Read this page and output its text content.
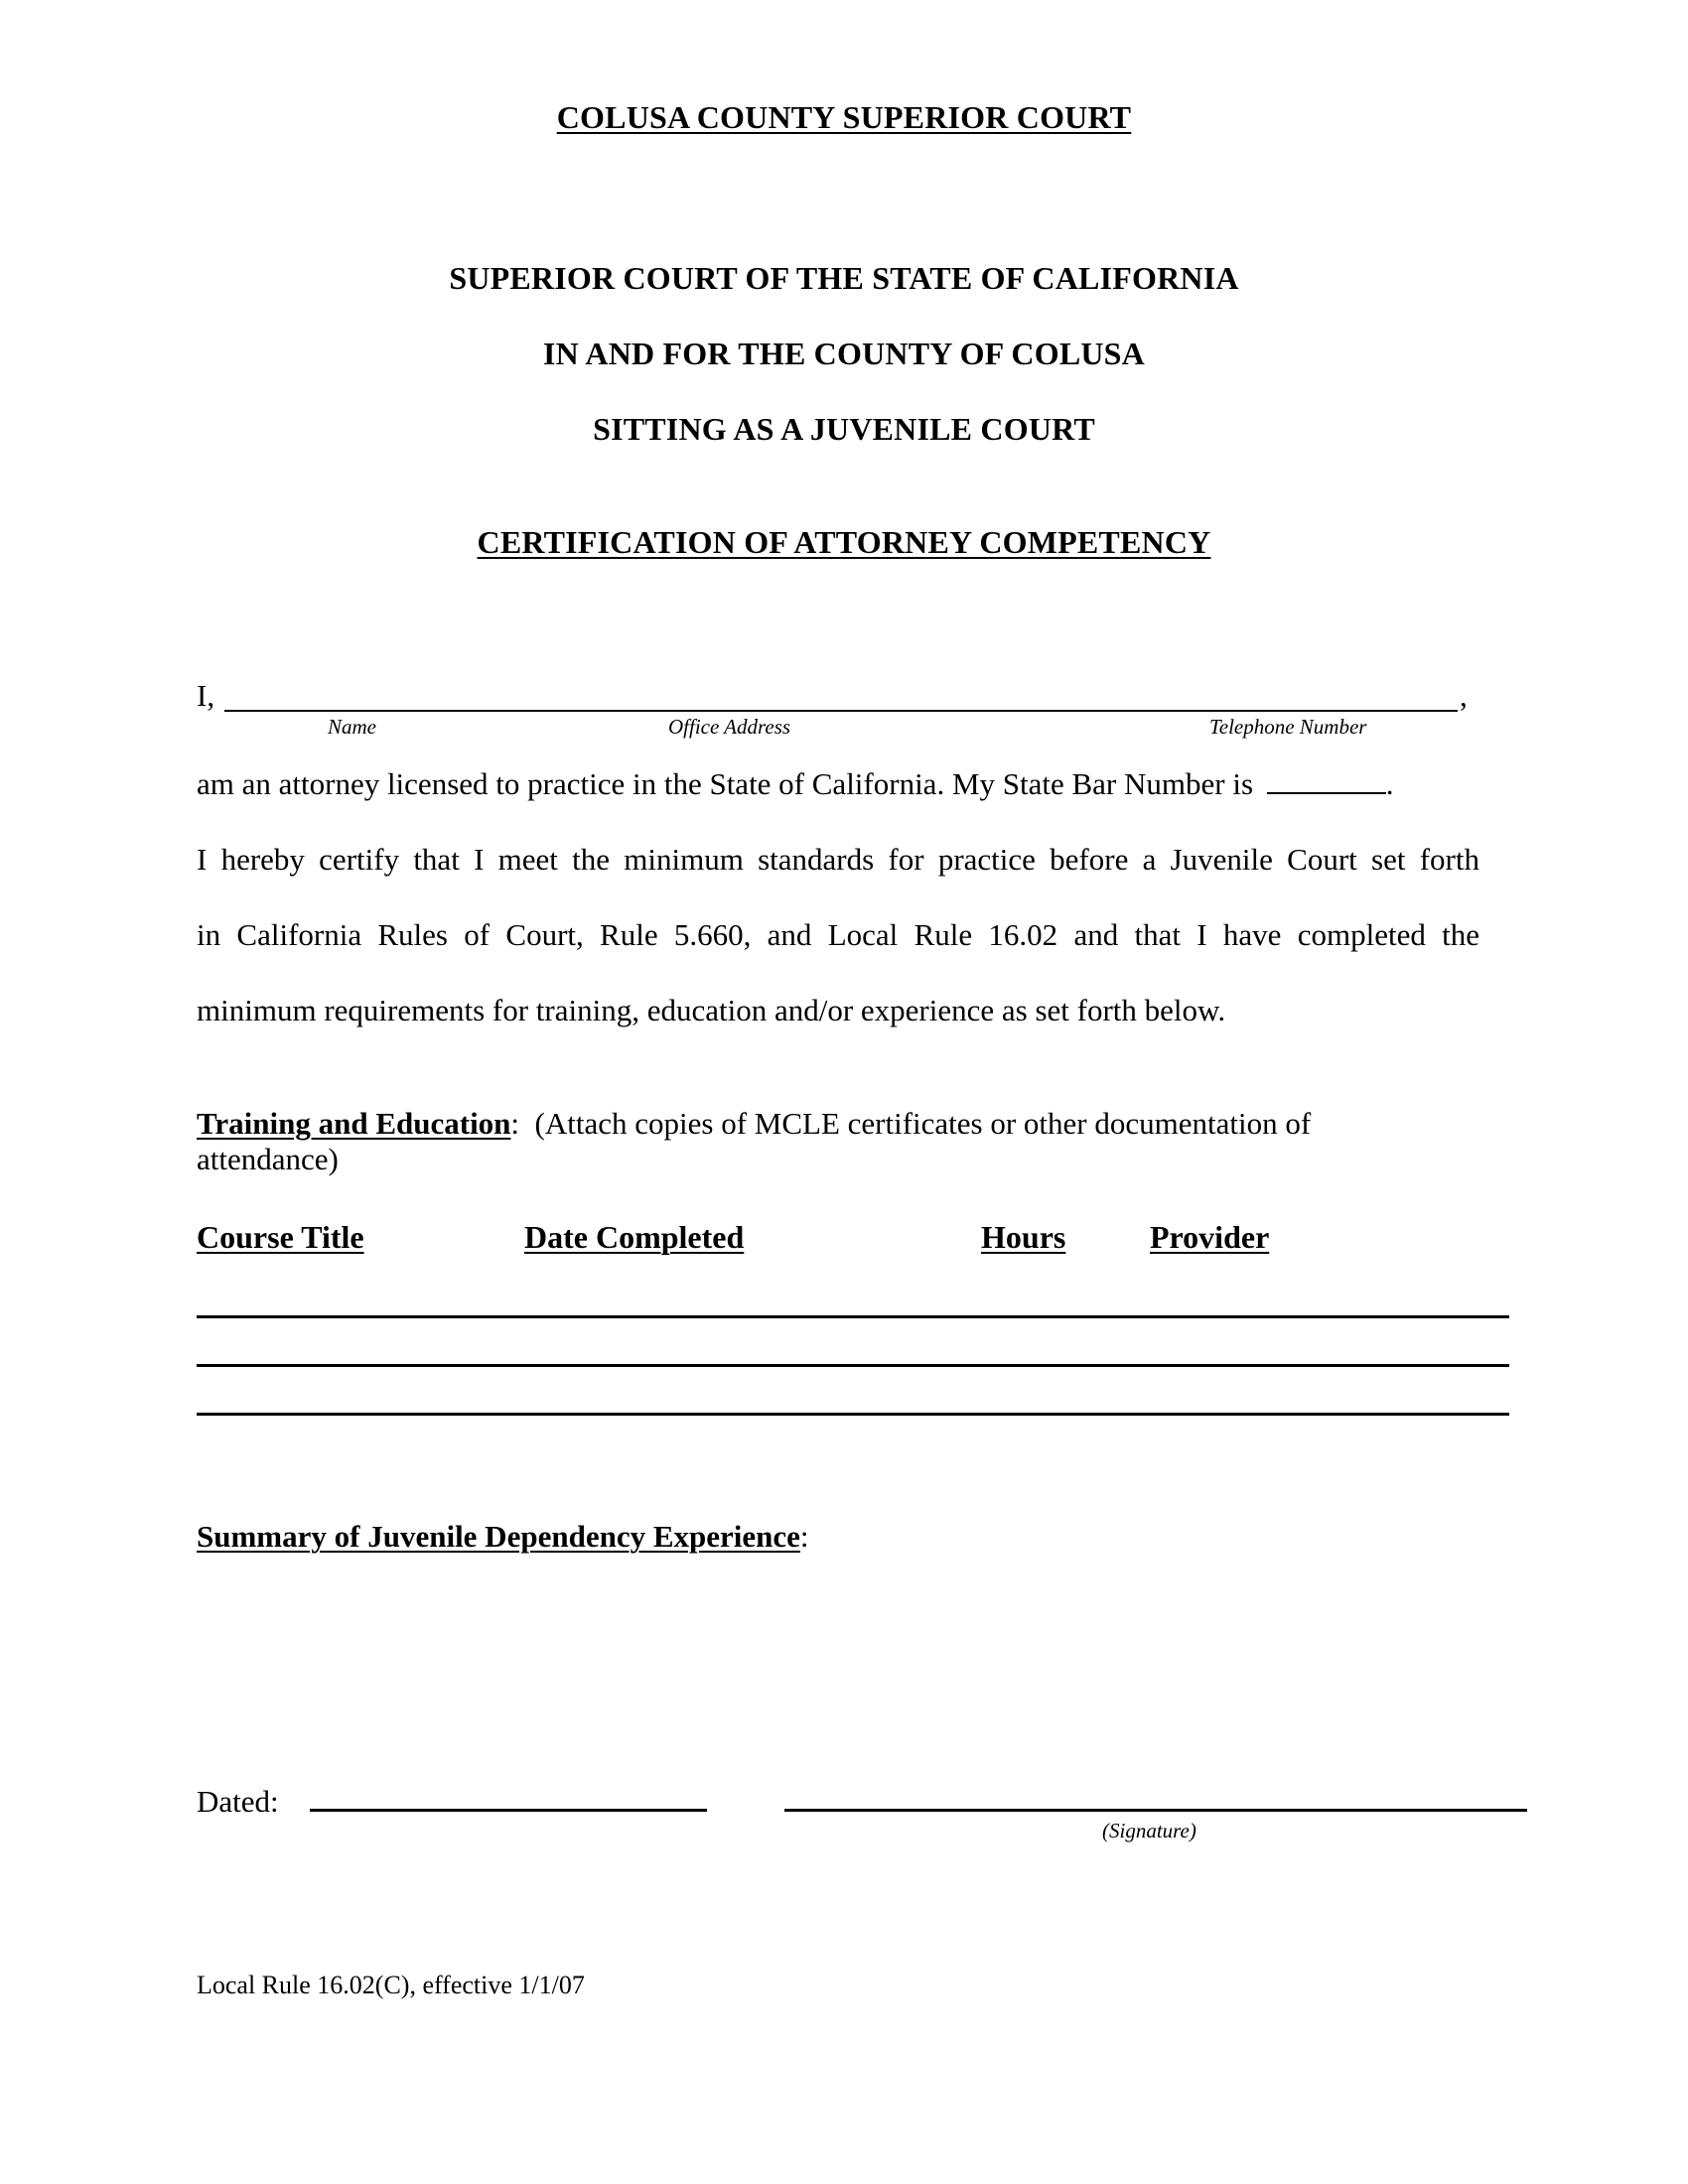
COLUSA COUNTY SUPERIOR COURT
SUPERIOR COURT OF THE STATE OF CALIFORNIA
IN AND FOR THE COUNTY OF COLUSA
SITTING AS A JUVENILE COURT
CERTIFICATION OF ATTORNEY COMPETENCY
I,	,
Name	Office Address	Telephone Number
am an attorney licensed to practice in the State of California. My State Bar Number is	.
I hereby certify that I meet the minimum standards for practice before a Juvenile Court set forth
in California Rules of Court, Rule 5.660, and Local Rule 16.02 and that I have completed the
minimum requirements for training, education and/or experience as set forth below.
Training and Education: (Attach copies of MCLE certificates or other documentation of
attendance)
Course Title	Date Completed	Hours	Provider
Summary of Juvenile Dependency Experience:
Dated:
(Signature)
Local Rule 16.02(C), effective 1/1/07
